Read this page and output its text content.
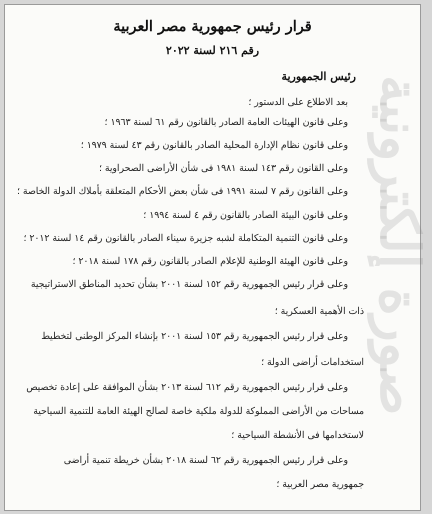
صورة إلكترونية
قرار رئيس جمهورية مصر العربية
رقم ٢١٦ لسنة ٢٠٢٢
رئيس الجمهورية
بعد الاطلاع على الدستور ؛
وعلى قانون الهيئات العامة الصادر بالقانون رقم ٦١ لسنة ١٩٦٣ ؛
وعلى قانون نظام الإدارة المحلية الصادر بالقانون رقم ٤٣ لسنة ١٩٧٩ ؛
وعلى القانون رقم ١٤٣ لسنة ١٩٨١ فى شأن الأراضى الصحراوية ؛
وعلى القانون رقم ٧ لسنة ١٩٩١ فى شأن بعض الأحكام المتعلقة بأملاك الدولة الخاصة ؛
وعلى قانون البيئة الصادر بالقانون رقم ٤ لسنة ١٩٩٤ ؛
وعلى قانون التنمية المتكاملة لشبه جزيرة سيناء الصادر بالقانون رقم ١٤ لسنة ٢٠١٢ ؛
وعلى قانون الهيئة الوطنية للإعلام الصادر بالقانون رقم ١٧٨ لسنة ٢٠١٨ ؛
وعلى قرار رئيس الجمهورية رقم ١٥٢ لسنة ٢٠٠١ بشأن تحديد المناطق الاستراتيجية
ذات الأهمية العسكرية ؛
وعلى قرار رئيس الجمهورية رقم ١٥٣ لسنة ٢٠٠١ بإنشاء المركز الوطنى لتخطيط
استخدامات أراضى الدولة ؛
وعلى قرار رئيس الجمهورية رقم ٦١٢ لسنة ٢٠١٣ بشأن الموافقة على إعادة تخصيص
مساحات من الأراضى المملوكة للدولة ملكية خاصة لصالح الهيئة العامة للتنمية السياحية
لاستخدامها فى الأنشطة السياحية ؛
وعلى قرار رئيس الجمهورية رقم ٦٢ لسنة ٢٠١٨ بشأن خريطة تنمية أراضى
جمهورية مصر العربية ؛
